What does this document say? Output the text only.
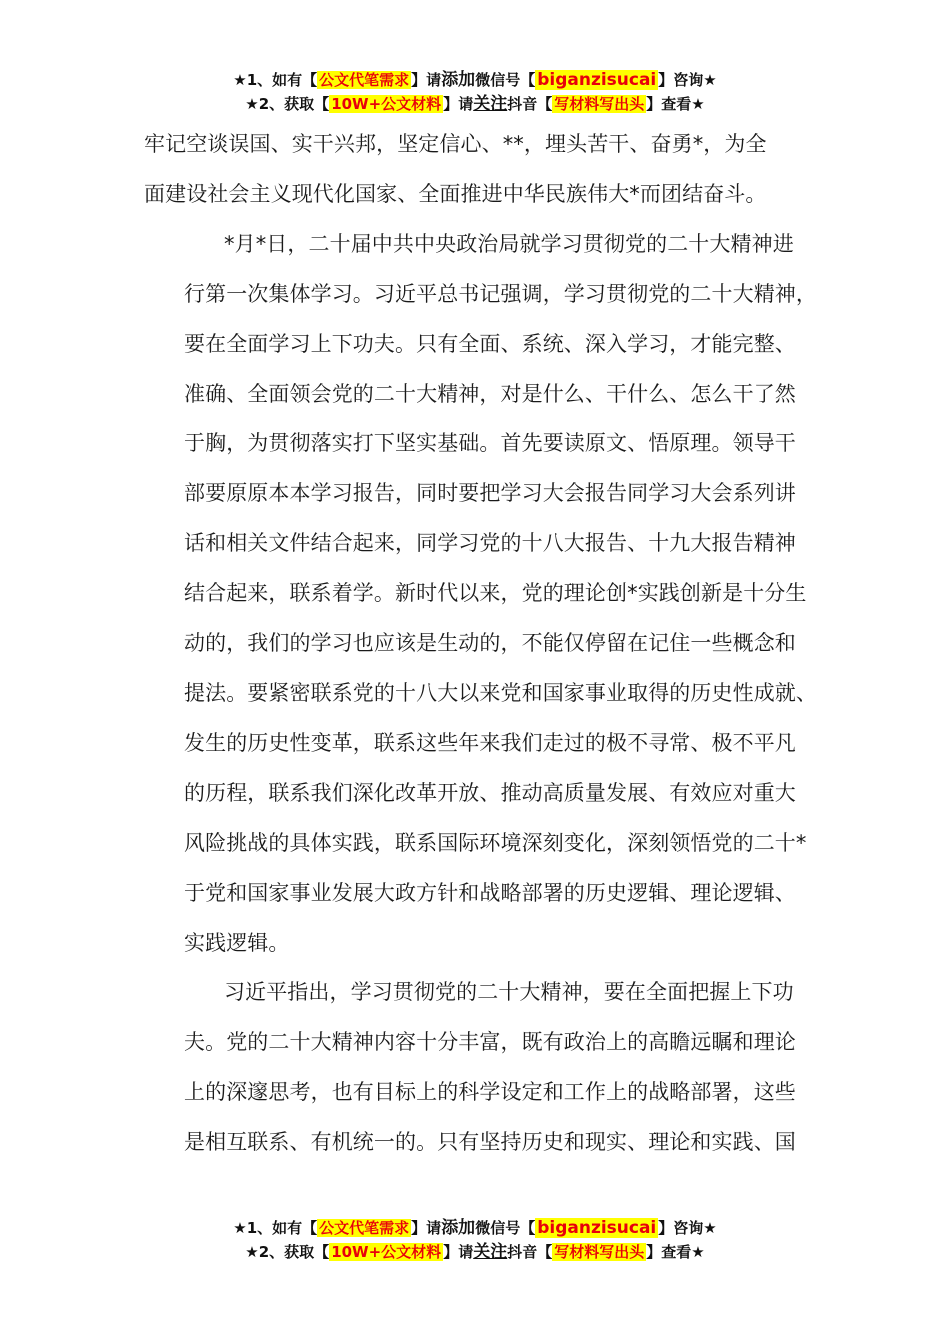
★1、如有【 公文代笔需求 】请添加微信号【 biganzisucai 】咨询★
★2、获取【 10W+公文材料 】请关注抖音【 写材料写出头 】查看★

牢记空谈误国、实干兴邦，坚定信心、**，埋头苦干、奋勇*，为全
面建设社会主义现代化国家、全面推进中华民族伟大*而团结奋斗。

*月*日，二十届中共中央政治局就学习贯彻党的二十大精神进
行第一次集体学习。习近平总书记强调，学习贯彻党的二十大精神，
要在全面学习上下功夫。只有全面、系统、深入学习，才能完整、
准确、全面领会党的二十大精神，对是什么、干什么、怎么干了然
于胸，为贯彻落实打下坚实基础。首先要读原文、悟原理。领导干
部要原原本本学习报告，同时要把学习大会报告同学习大会系列讲
话和相关文件结合起来，同学习党的十八大报告、十九大报告精神
结合起来，联系着学。新时代以来，党的理论创*实践创新是十分生
动的，我们的学习也应该是生动的，不能仅停留在记住一些概念和
提法。要紧密联系党的十八大以来党和国家事业取得的历史性成就、
发生的历史性变革，联系这些年来我们走过的极不寻常、极不平凡
的历程，联系我们深化改革开放、推动高质量发展、有效应对重大
风险挑战的具体实践，联系国际环境深刻变化，深刻领悟党的二十*
于党和国家事业发展大政方针和战略部署的历史逻辑、理论逻辑、
实践逻辑。

习近平指出，学习贯彻党的二十大精神，要在全面把握上下功
夫。党的二十大精神内容十分丰富，既有政治上的高瞻远瞩和理论
上的深邃思考，也有目标上的科学设定和工作上的战略部署，这些
是相互联系、有机统一的。只有坚持历史和现实、理论和实践、国

★1、如有【 公文代笔需求 】请添加微信号【 biganzisucai 】咨询★
★2、获取【 10W+公文材料 】请关注抖音【 写材料写出头 】查看★
